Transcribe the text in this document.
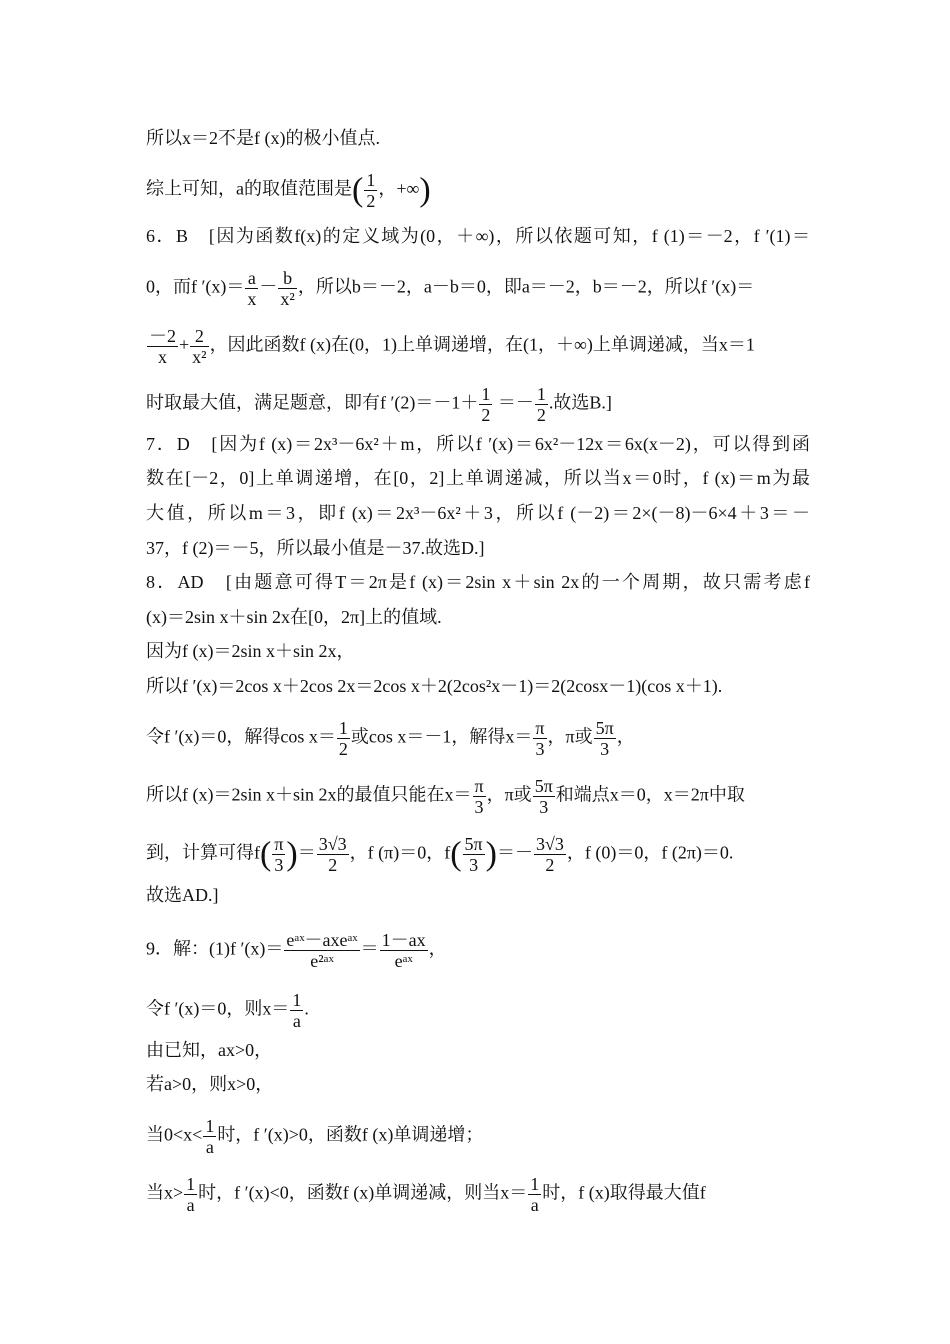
所以x＝2不是f (x)的极小值点.
综上可知，a的取值范围是( $\frac{1}{2}$ ，+∞)
6．B　[因为函数f(x)的定义域为(0，＋∞)，所以依题可知，f (1)＝－2，f ′(1)＝
0，而f $'(x)= \frac{a}{x} - \frac{b}{\text{x²}}$ ，所以b＝－2，a－b＝0，即a＝－2，b＝－2，所以f ′(x)＝
$\frac{-2}{x} + \frac{2}{\text{x²}}$ ，因此函数f (x)在(0，1)上单调递增，在(1，＋∞)上单调递减，当x＝1
时取最大值，满足题意，即有f $'(2)=-1+ \frac{1}{2} =- \frac{1}{2}$ .故选B.]
7．D　[因为f (x)＝2x³－6x²＋m，所以f ′(x)＝6x²－12x＝6x(x－2)，可以得到函
数在[－2，0]上单调递增，在[0，2]上单调递减，所以当x＝0时，f (x)＝m为最
大值，所以m＝3，即f (x)＝2x³－6x²＋3，所以f (－2)＝2×(－8)－6×4＋3＝－
37，f (2)＝－5，所以最小值是－37.故选D.]
8．AD　[由题意可得T＝2π是f (x)＝2sin x＋sin 2x的一个周期，故只需考虑f
(x)＝2sin x＋sin 2x在[0，2π]上的值域.
因为f (x)＝2sin x＋sin 2x，
所以f ′(x)＝2cos x＋2cos 2x＝2cos x＋2(2cos²x－1)＝2(2cosx－1)(cos x＋1).
令f ′(x)＝0，解得$\cos x= \frac{1}{2}$ 或cos x＝－1，解得$x= \frac{\pi}{3}$ ，π或 $\frac{5\pi}{3}$ ，
所以f (x)＝2sin x＋sin 2x的最值只能在$x= \frac{\pi}{3}$ ，π或 $\frac{5\pi}{3}$ 和端点x＝0，x＝2π中取
到，计算可得$f( \frac{\pi}{3}$ )＝ $\frac{3√3}{2}$ ，f (π)＝0，$f( \frac{5\pi}{3}$ )＝－ $\frac{3√3}{2}$ ，f (0)＝0，f (2π)＝0.
故选AD.]
9．解：(1)f $'(x)= \frac{\text{eᵃˣ－axeᵃˣ}}{\text{e²ᵃˣ}} = \frac{1-ax}{\text{eᵃˣ}}$ ，
令f ′(x)＝0，则$x= \frac{1}{a}$ .
由已知，ax>0，
若a>0，则x>0，
当$0<x< \frac{1}{a}$ 时，f ′(x)>0，函数f (x)单调递增；
当$x> \frac{1}{a}$ 时，f ′(x)<0，函数f (x)单调递减，则当$x= \frac{1}{a}$ 时，f (x)取得最大值f
